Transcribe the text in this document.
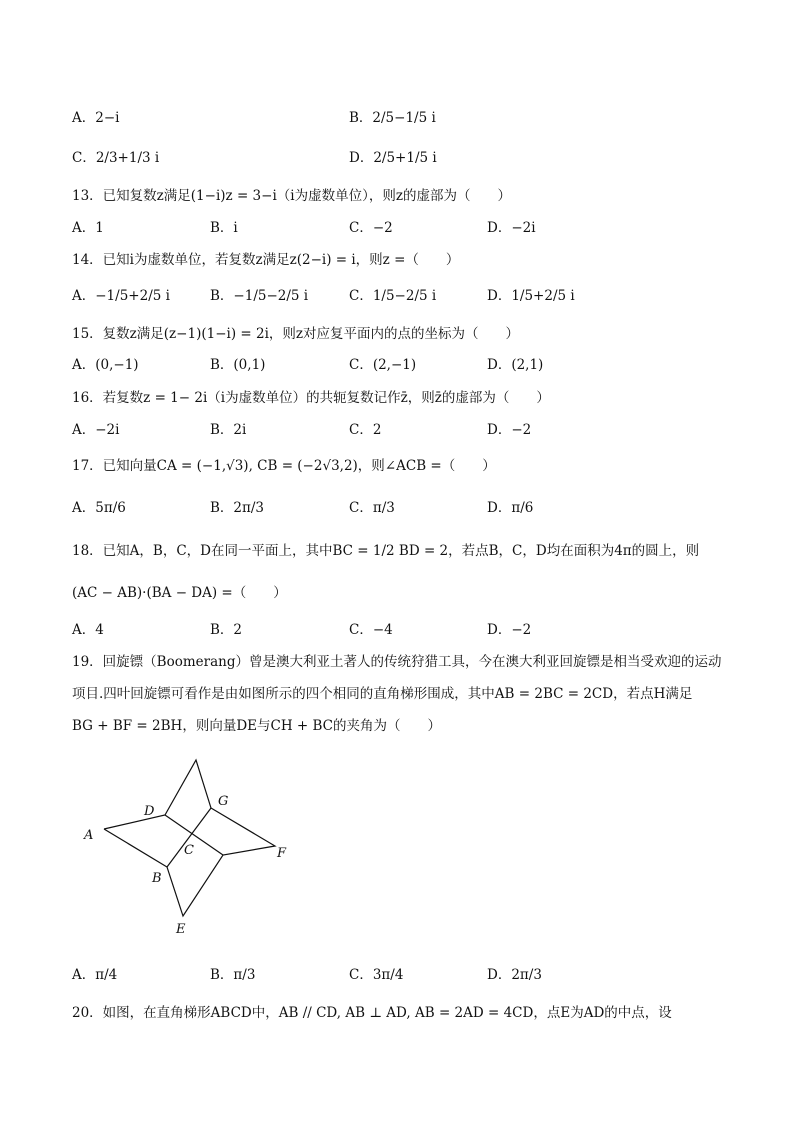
A．2−i	B．2/5−1/5 i
C．2/3+1/3 i	D．2/5+1/5 i
13．已知复数z满足(1−i)z = 3−i（i为虚数单位），则z的虚部为（　　）
A．1	B．i	C．−2	D．−2i
14．已知i为虚数单位，若复数z满足z(2−i) = i，则z =（　　）
A．−1/5+2/5 i	B．−1/5−2/5 i	C．1/5−2/5 i	D．1/5+2/5 i
15．复数z满足(z−1)(1−i) = 2i，则z对应复平面内的点的坐标为（　　）
A．(0,−1)	B．(0,1)	C．(2,−1)	D．(2,1)
16．若复数z = 1− 2i（i为虚数单位）的共轭复数记作z̄，则z̄的虚部为（　　）
A．−2i	B．2i	C．2	D．−2
17．已知向量CA = (−1,√3), CB = (−2√3,2)，则∠ACB =（　　）
A．5π/6	B．2π/3	C．π/3	D．π/6
18．已知A，B，C，D在同一平面上，其中BC = 1/2 BD = 2，若点B，C，D均在面积为4π的圆上，则
(AC − AB)·(BA − DA) =（　　）
A．4	B．2	C．−4	D．−2
19．回旋镖（Boomerang）曾是澳大利亚土著人的传统狩猎工具，今在澳大利亚回旋镖是相当受欢迎的运动
项目.四叶回旋镖可看作是由如图所示的四个相同的直角梯形围成，其中AB = 2BC = 2CD，若点H满足
BG + BF = 2BH，则向量DE与CH + BC的夹角为（　　）
A
B
C
D
E
F
G
A．π/4	B．π/3	C．3π/4	D．2π/3
20．如图，在直角梯形ABCD中，AB // CD, AB ⊥ AD, AB = 2AD = 4CD，点E为AD的中点，设
